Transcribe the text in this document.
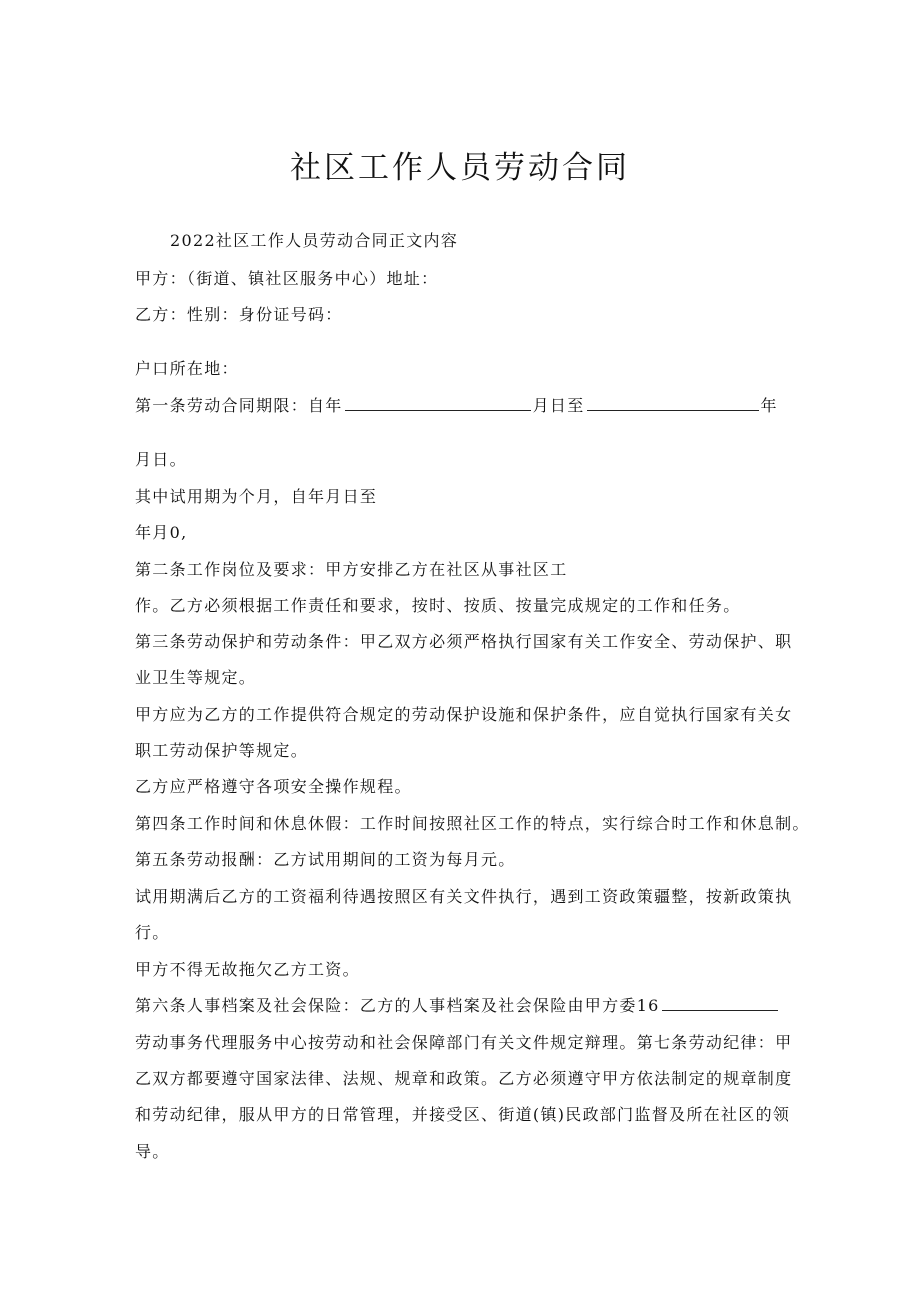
社区工作人员劳动合同
2022社区工作人员劳动合同正文内容
甲方：（街道、镇社区服务中心）地址：
乙方：性别：身份证号码：
户口所在地：
第一条劳动合同期限：自年	月日至	年
月日。
其中试用期为个月，自年月日至
年月0,
第二条工作岗位及要求：甲方安排乙方在社区从事社区工
作。乙方必须根据工作责任和要求，按时、按质、按量完成规定的工作和任务。
第三条劳动保护和劳动条件：甲乙双方必须严格执行国家有关工作安全、劳动保护、职
业卫生等规定。
甲方应为乙方的工作提供符合规定的劳动保护设施和保护条件，应自觉执行国家有关女
职工劳动保护等规定。
乙方应严格遵守各项安全操作规程。
第四条工作时间和休息休假：工作时间按照社区工作的特点，实行综合时工作和休息制。
第五条劳动报酬：乙方试用期间的工资为每月元。
试用期满后乙方的工资福利待遇按照区有关文件执行，遇到工资政策疆整，按新政策执
行。
甲方不得无故拖欠乙方工资。
第六条人事档案及社会保险：乙方的人事档案及社会保险由甲方委16
劳动事务代理服务中心按劳动和社会保障部门有关文件规定辩理。第七条劳动纪律：甲
乙双方都要遵守国家法律、法规、规章和政策。乙方必须遵守甲方依法制定的规章制度
和劳动纪律，服从甲方的日常管理，并接受区、街道(镇)民政部门监督及所在社区的领
导。
